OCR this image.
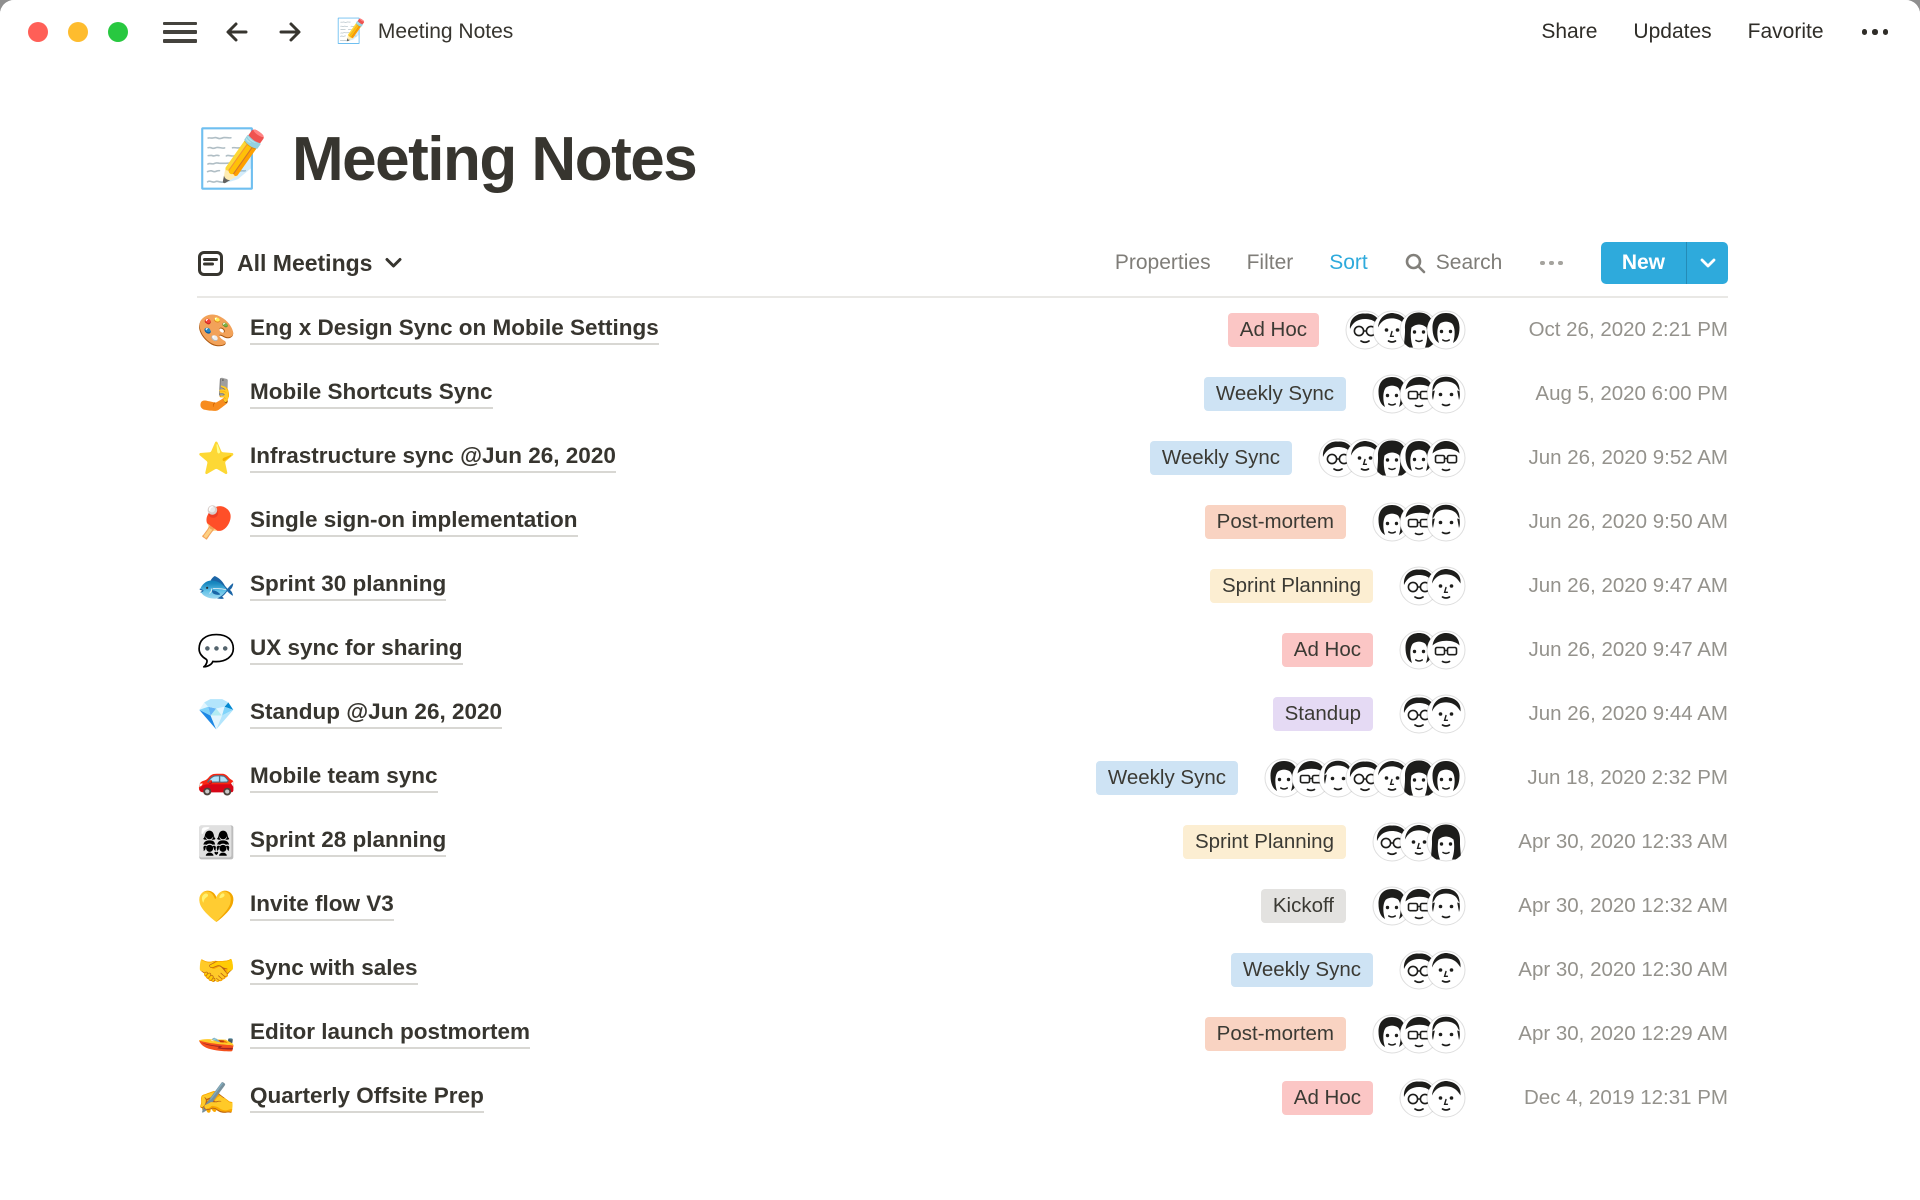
📝 Meeting Notes	Share Updates Favorite
📝 Meeting Notes
All Meetings	Properties Filter Sort	Search	New
🎨 Eng x Design Sync on Mobile Settings	Ad Hoc	Oct 26, 2020 2:21 PM
🤳 Mobile Shortcuts Sync	Weekly Sync	Aug 5, 2020 6:00 PM
⭐ Infrastructure sync @Jun 26, 2020	Weekly Sync	Jun 26, 2020 9:52 AM
🏓 Single sign-on implementation	Post-mortem	Jun 26, 2020 9:50 AM
🐟 Sprint 30 planning	Sprint Planning	Jun 26, 2020 9:47 AM
💬 UX sync for sharing	Ad Hoc	Jun 26, 2020 9:47 AM
💎 Standup @Jun 26, 2020	Standup	Jun 26, 2020 9:44 AM
🚗 Mobile team sync	Weekly Sync	Jun 18, 2020 2:32 PM
👩‍👩‍👧‍👧 Sprint 28 planning	Sprint Planning	Apr 30, 2020 12:33 AM
💛 Invite flow V3	Kickoff	Apr 30, 2020 12:32 AM
🤝 Sync with sales	Weekly Sync	Apr 30, 2020 12:30 AM
🚤 Editor launch postmortem	Post-mortem	Apr 30, 2020 12:29 AM
✍️ Quarterly Offsite Prep	Ad Hoc	Dec 4, 2019 12:31 PM
